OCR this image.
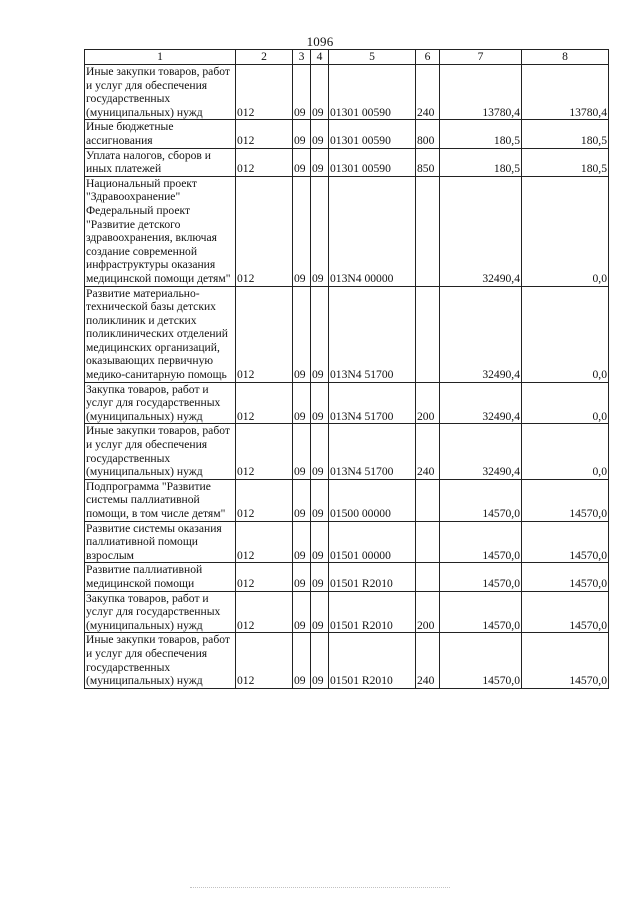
1096
1	2	3	4	5	6	7	8
Иные закупки товаров, работ и услуг для обеспечения государственных (муниципальных) нужд	012	09	09	01301 00590	240	13780,4	13780,4
Иные бюджетные ассигнования	012	09	09	01301 00590	800	180,5	180,5
Уплата налогов, сборов и иных платежей	012	09	09	01301 00590	850	180,5	180,5
Национальный проект "Здравоохранение" Федеральный проект "Развитие детского здравоохранения, включая создание современной инфраструктуры оказания медицинской помощи детям"	012	09	09	013N4 00000		32490,4	0,0
Развитие материально-технической базы детских поликлиник и детских поликлинических отделений медицинских организаций, оказывающих первичную медико-санитарную помощь	012	09	09	013N4 51700		32490,4	0,0
Закупка товаров, работ и услуг для государственных (муниципальных) нужд	012	09	09	013N4 51700	200	32490,4	0,0
Иные закупки товаров, работ и услуг для обеспечения государственных (муниципальных) нужд	012	09	09	013N4 51700	240	32490,4	0,0
Подпрограмма "Развитие системы паллиативной помощи, в том числе детям"	012	09	09	01500 00000		14570,0	14570,0
Развитие системы оказания паллиативной помощи взрослым	012	09	09	01501 00000		14570,0	14570,0
Развитие паллиативной медицинской помощи	012	09	09	01501 R2010		14570,0	14570,0
Закупка товаров, работ и услуг для государственных (муниципальных) нужд	012	09	09	01501 R2010	200	14570,0	14570,0
Иные закупки товаров, работ и услуг для обеспечения государственных (муниципальных) нужд	012	09	09	01501 R2010	240	14570,0	14570,0
